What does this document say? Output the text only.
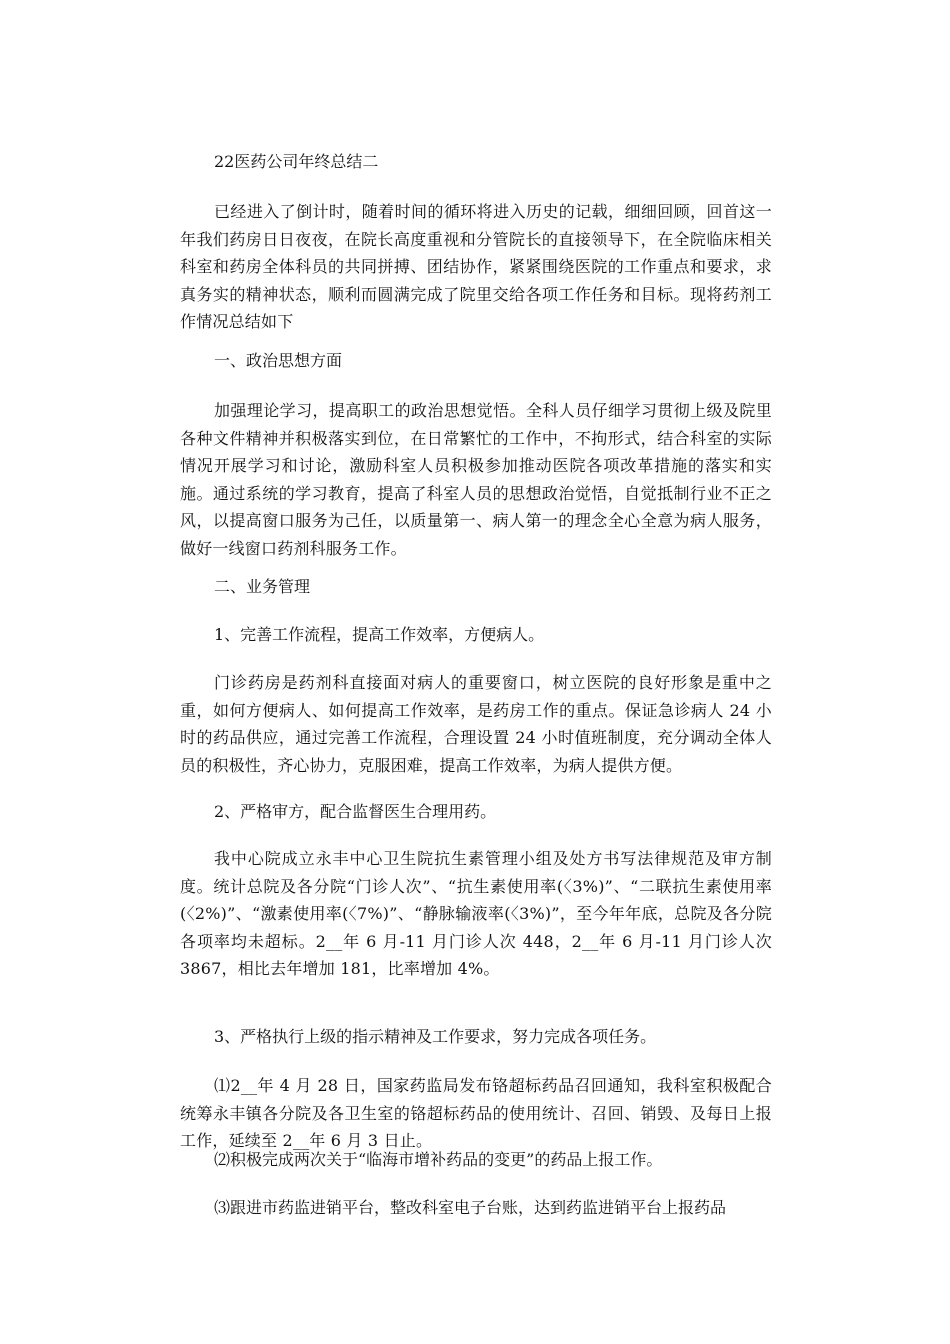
22医药公司年终总结二

已经进入了倒计时，随着时间的循环将进入历史的记载，细细回顾，回首这一年我们药房日日夜夜，在院长高度重视和分管院长的直接领导下，在全院临床相关科室和药房全体科员的共同拼搏、团结协作，紧紧围绕医院的工作重点和要求，求真务实的精神状态，顺利而圆满完成了院里交给各项工作任务和目标。现将药剂工作情况总结如下

一、政治思想方面

加强理论学习，提高职工的政治思想觉悟。全科人员仔细学习贯彻上级及院里各种文件精神并积极落实到位，在日常繁忙的工作中，不拘形式，结合科室的实际情况开展学习和讨论，激励科室人员积极参加推动医院各项改革措施的落实和实施。通过系统的学习教育，提高了科室人员的思想政治觉悟，自觉抵制行业不正之风，以提高窗口服务为己任，以质量第一、病人第一的理念全心全意为病人服务，做好一线窗口药剂科服务工作。

二、业务管理
1、完善工作流程，提高工作效率，方便病人。

门诊药房是药剂科直接面对病人的重要窗口，树立医院的良好形象是重中之重，如何方便病人、如何提高工作效率，是药房工作的重点。保证急诊病人 24 小时的药品供应，通过完善工作流程，合理设置 24 小时值班制度，充分调动全体人员的积极性，齐心协力，克服困难，提高工作效率，为病人提供方便。

2、严格审方，配合监督医生合理用药。

我中心院成立永丰中心卫生院抗生素管理小组及处方书写法律规范及审方制度。统计总院及各分院“门诊人次”、“抗生素使用率(〈3%)”、“二联抗生素使用率(〈2%)”、“激素使用率(〈7%)”、“静脉输液率(〈3%)”，至今年年底，总院及各分院各项率均未超标。2__年 6 月-11 月门诊人次 448，2__年 6 月-11 月门诊人次 3867，相比去年增加 181，比率增加 4%。

3、严格执行上级的指示精神及工作要求，努力完成各项任务。

⑴2__年 4 月 28 日，国家药监局发布铬超标药品召回通知，我科室积极配合统筹永丰镇各分院及各卫生室的铬超标药品的使用统计、召回、销毁、及每日上报工作，延续至 2__年 6 月 3 日止。

⑵积极完成两次关于“临海市增补药品的变更”的药品上报工作。
⑶跟进市药监进销平台，整改科室电子台账，达到药监进销平台上报药品
